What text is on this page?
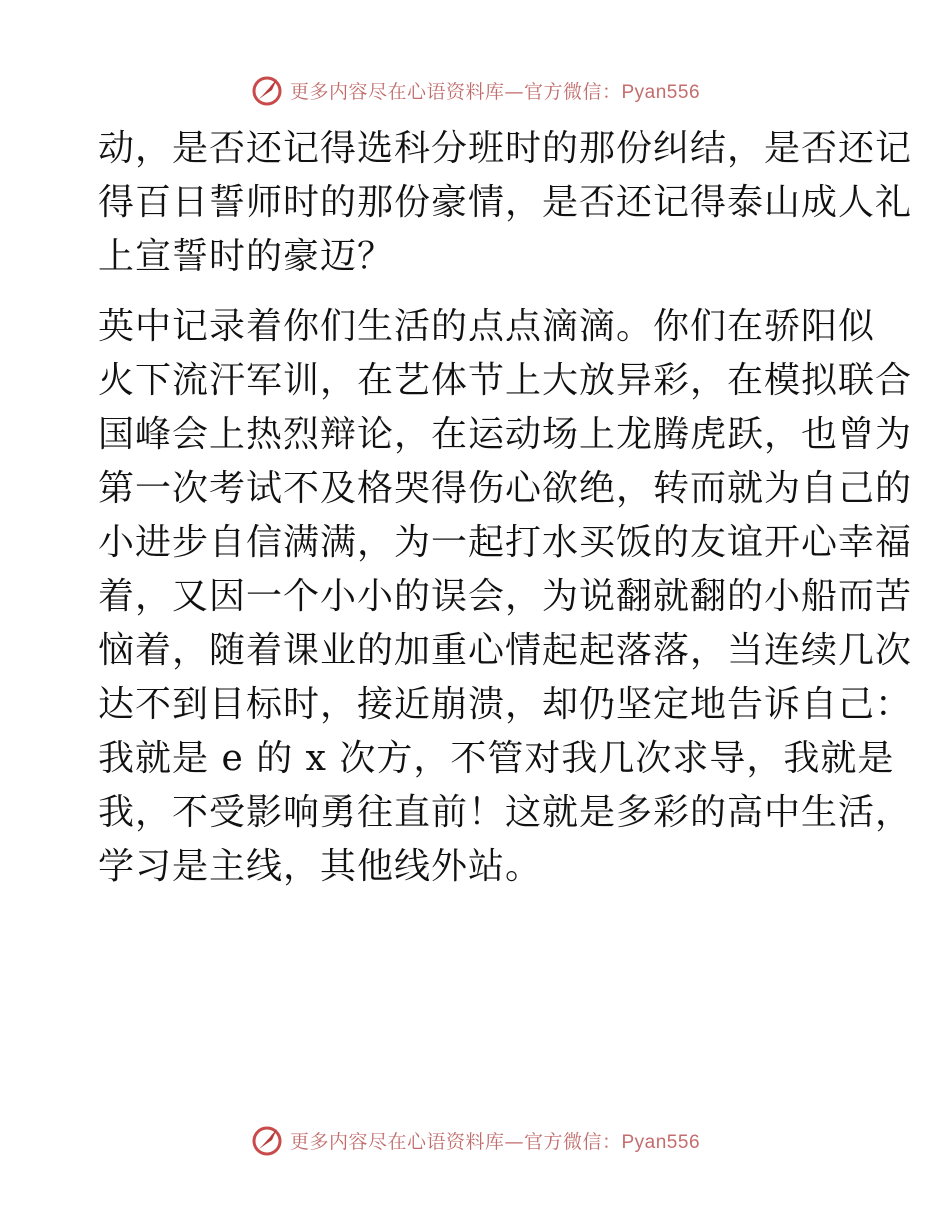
更多内容尽在心语资料库—官方微信：Pyan556
动，是否还记得选科分班时的那份纠结，是否还记
得百日誓师时的那份豪情，是否还记得泰山成人礼
上宣誓时的豪迈？
英中记录着你们生活的点点滴滴。你们在骄阳似
火下流汗军训，在艺体节上大放异彩，在模拟联合
国峰会上热烈辩论，在运动场上龙腾虎跃，也曾为
第一次考试不及格哭得伤心欲绝，转而就为自己的
小进步自信满满，为一起打水买饭的友谊开心幸福
着，又因一个小小的误会，为说翻就翻的小船而苦
恼着，随着课业的加重心情起起落落，当连续几次
达不到目标时，接近崩溃，却仍坚定地告诉自己：
我就是 e 的 x 次方，不管对我几次求导，我就是
我，不受影响勇往直前！这就是多彩的高中生活，
学习是主线，其他线外站。
更多内容尽在心语资料库—官方微信：Pyan556
